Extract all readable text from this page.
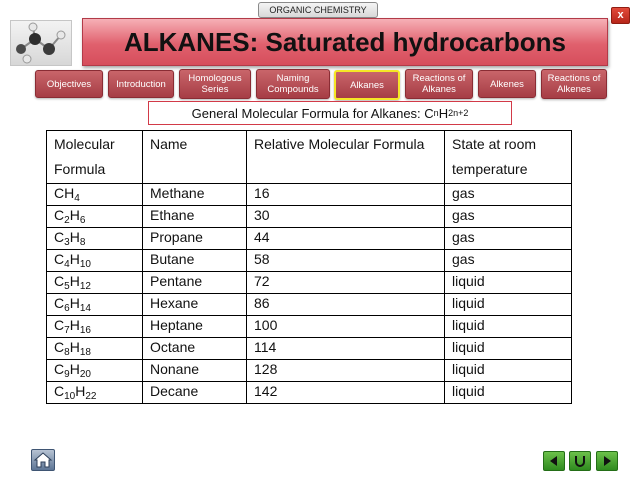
ORGANIC CHEMISTRY	x
ALKANES: Saturated hydrocarbons
Objectives	Introduction	Homologous Series
Naming Compounds	Alkanes
Reactions of Alkanes	Alkenes	Reactions of Alkenes
General Molecular Formula for Alkanes: C n H 2n+2
Molecular Formula	Name	Relative Molecular Formula	State at room temperature
$CH_4$	Methane	16	gas
$C_2H_6$	Ethane	30	gas
$C_3H_8$	Propane	44	gas
$C_4H_{10}$	Butane	58	gas
$C_5H_{12}$	Pentane	72	liquid
$C_6H_{14}$	Hexane	86	liquid
$C_7H_{16}$	Heptane	100	liquid
$C_8H_{18}$	Octane	114	liquid
$C_9H_{20}$	Nonane	128	liquid
$C_{10}H_{22}$	Decane	142	liquid
